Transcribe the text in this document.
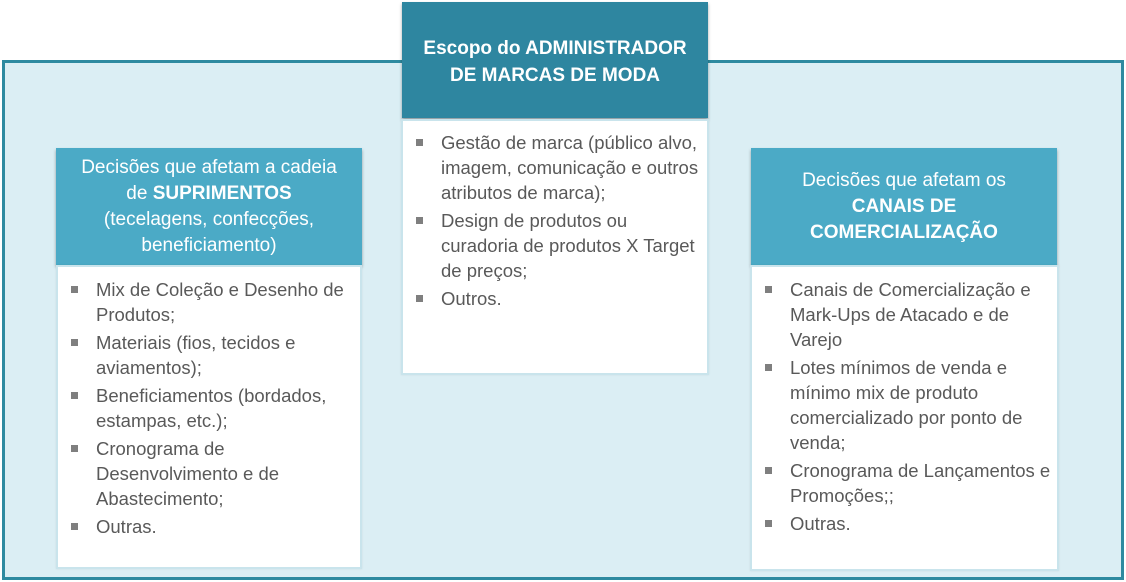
Escopo do ADMINISTRADOR
DE MARCAS DE MODA
Gestão de marca (público alvo, imagem, comunicação e outros atributos de marca);
Design de produtos ou curadoria de produtos X Target de preços;
Outros.
Decisões que afetam a cadeia
de SUPRIMENTOS
(tecelagens, confecções,
beneficiamento)
Mix de Coleção e Desenho de Produtos;
Materiais (fios, tecidos e aviamentos);
Beneficiamentos (bordados, estampas, etc.);
Cronograma de Desenvolvimento e de Abastecimento;
Outras.
Decisões que afetam os
CANAIS DE
COMERCIALIZAÇÃO
Canais de Comercialização e Mark-Ups de Atacado e de Varejo
Lotes mínimos de venda e mínimo mix de produto comercializado por ponto de venda;
Cronograma de Lançamentos e Promoções;;
Outras.
